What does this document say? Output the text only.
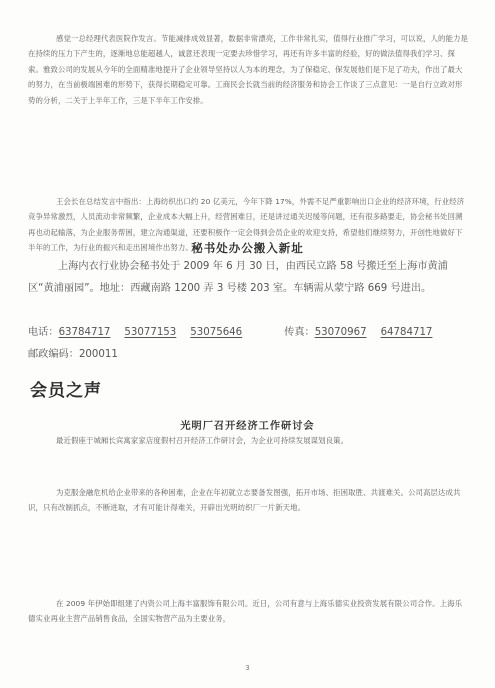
感觉一总经理代表医院作发言。节能减排成效显著，数据非常漂亮，工作非常扎实，值得行业推广学习，可以说，人的能力是在持续的压力下产生的，逐渐地总能超越人，诚意还表现一定要去珍惜学习，再还有许多丰富的经验，好的做法值得我们学习、探索。雅致公司的发展从今年的全面精准地提升了企业领导坚持以人为本的理念，为了保稳定、保发展他们是下足了功夫，作出了最大的努力，在当前极端困难的形势下，获得长期稳定可靠。工商民会长就当前的经济服务和协会工作谈了三点意见：一是自行立政对形势的分析，二关于上半年工作，三是下半年工作安排。
王会长在总结发言中指出：上海纺织出口约 20 亿美元，今年下降 17%，外需不足严重影响出口企业的经济环境，行业经济竞争异常激烈，人员流动非常频繁，企业成本大幅上升，经营困难日，还是讲过通关迟缓等问题，还有很多路要走，协会秘书处回溯再也动起输落，为企业服务帮困，建立沟通渠道，还要积极作一定会得到会员企业的欢迎支持，希望他们继续努力，开创性地做好下半年的工作，为行业的振兴和走出困境作出努力。
秘书处办公搬入新址
上海内衣行业协会秘书处于 2009 年 6 月 30 日，由西民立路 58 号搬迁至上海市黄浦区“黄浦丽园”。地址：西藏南路 1200 弄 3 号楼 203 室。车辆需从蒙宁路 669 号进出。
电话：63784717 53077153 53075646	传真：53070967 64784717
邮政编码：200011
会员之声
光明厂召开经济工作研讨会
最近假座于城厢长宾寓家家店度假村召开经济工作研讨会，为企业可持续发展谋划良策。
为克服金融危机给企业带来的各种困难，企业在年初就立志要备发图强，拓开市场、拒困取胜、共渡难关。公司高层达成共识，只有改制抓点，不断进取，才有可能计得难关，开辟出光明纺织厂一片新天地。
在 2009 年伊始即组建了内资公司上海丰富服饰有限公司。近日，公司有意与上海乐德实业投资发展有限公司合作。上海乐德实业再业主营产品销售食品，全国实物营产品为主要业务，
3
